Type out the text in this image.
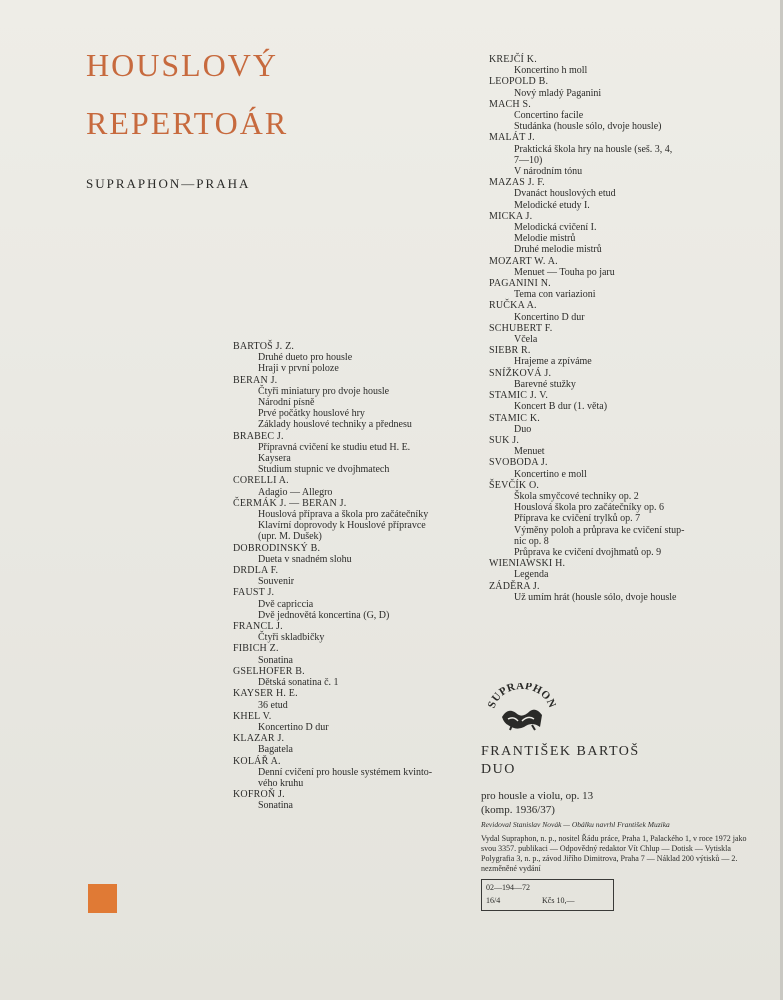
HOUSLOVÝ
REPERTOÁR
SUPRAPHON—PRAHA
BARTOŠ J. Z.
Druhé dueto pro housle
Hraji v první poloze
BERAN J.
Čtyři miniatury pro dvoje housle
Národní písně
Prvé počátky houslové hry
Základy houslové techniky a přednesu
BRABEC J.
Přípravná cvičení ke studiu etud H. E.
Kaysera
Studium stupnic ve dvojhmatech
CORELLI A.
Adagio — Allegro
ČERMÁK J. — BERAN J.
Houslová příprava a škola pro začátečníky
Klavírní doprovody k Houslové přípravce
(upr. M. Dušek)
DOBRODINSKÝ B.
Dueta v snadném slohu
DRDLA F.
Souvenir
FAUST J.
Dvě capriccia
Dvě jednovětá koncertina (G, D)
FRANCL J.
Čtyři skladbičky
FIBICH Z.
Sonatina
GSELHOFER B.
Dětská sonatina č. 1
KAYSER H. E.
36 etud
KHEL V.
Koncertino D dur
KLAZAR J.
Bagatela
KOLÁŘ A.
Denní cvičení pro housle systémem kvinto-
vého kruhu
KOFROŇ J.
Sonatina
KREJČÍ K.
Koncertino h moll
LEOPOLD B.
Nový mladý Paganini
MACH S.
Concertino facile
Studánka (housle sólo, dvoje housle)
MALÁT J.
Praktická škola hry na housle (seš. 3, 4,
7—10)
V národním tónu
MAZAS J. F.
Dvanáct houslových etud
Melodické etudy I.
MICKA J.
Melodická cvičení I.
Melodie mistrů
Druhé melodie mistrů
MOZART W. A.
Menuet — Touha po jaru
PAGANINI N.
Tema con variazioni
RUČKA A.
Koncertino D dur
SCHUBERT F.
Včela
SIEBR R.
Hrajeme a zpíváme
SNÍŽKOVÁ J.
Barevné stužky
STAMIC J. V.
Koncert B dur (1. věta)
STAMIC K.
Duo
SUK J.
Menuet
SVOBODA J.
Koncertino e moll
ŠEVČÍK O.
Škola smyčcové techniky op. 2
Houslová škola pro začátečníky op. 6
Příprava ke cvičení trylků op. 7
Výměny poloh a průprava ke cvičení stup-
nic op. 8
Průprava ke cvičení dvojhmatů op. 9
WIENIAWSKI H.
Legenda
ZÁDĚRA J.
Už umím hrát (housle sólo, dvoje housle
UPRAPHO
FRANTIŠEK BARTOŠ
DUO
pro housle a violu, op. 13
(komp. 1936/37)
Revidoval Stanislav Novák — Obálku navrhl František Muzika
Vydal Supraphon, n. p., nositel Řádu práce, Praha 1, Palackého 1, v roce 1972 jako svou 3357. publikaci — Odpovědný redaktor Vít Chlup — Dotisk — Vytiskla Polygrafia 3, n. p., závod Jiřího Dimitrova, Praha 7 — Náklad 200 výtisků — 2. nezměněné vydání
02—194—72
16/4	Kčs 10,—
